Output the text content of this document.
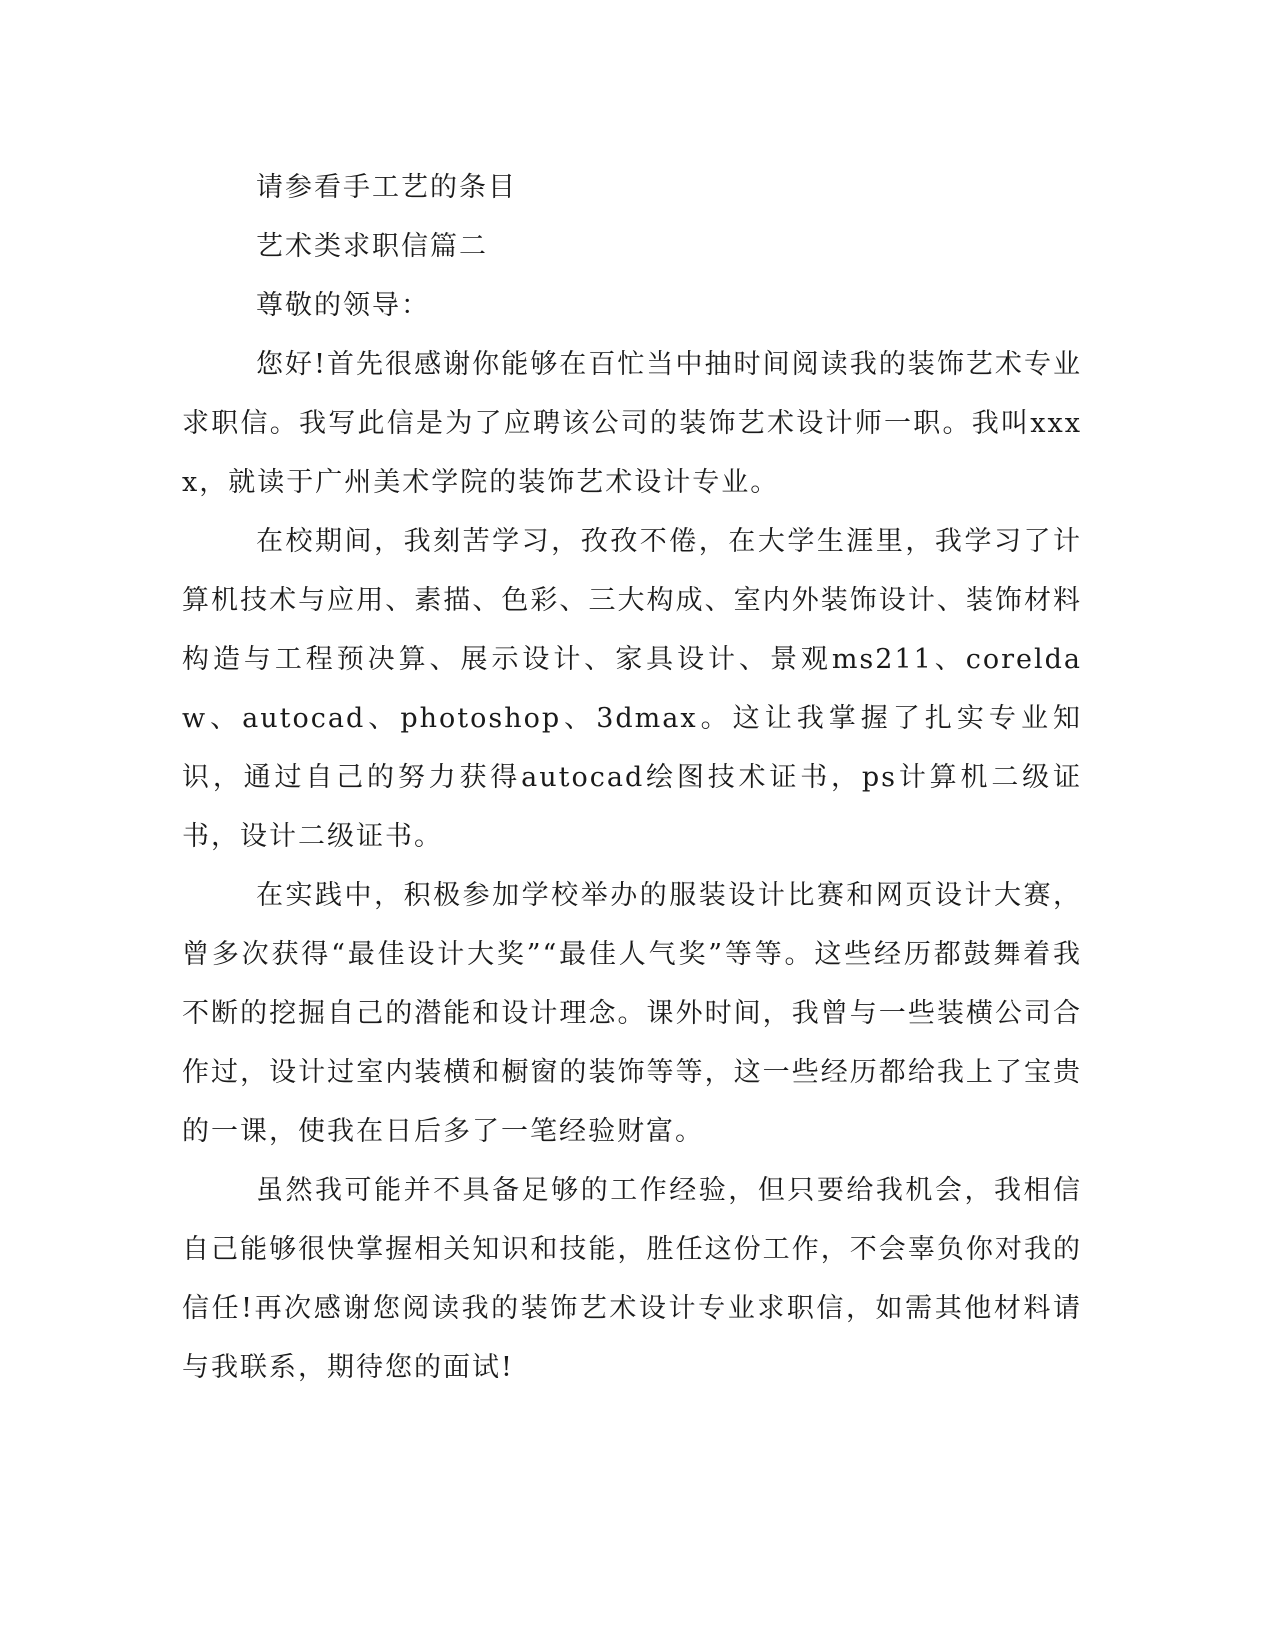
请参看手工艺的条目

艺术类求职信篇二

尊敬的领导：

您好!首先很感谢你能够在百忙当中抽时间阅读我的装饰艺术专业求职信。我写此信是为了应聘该公司的装饰艺术设计师一职。我叫xxxx，就读于广州美术学院的装饰艺术设计专业。

在校期间，我刻苦学习，孜孜不倦，在大学生涯里，我学习了计算机技术与应用、素描、色彩、三大构成、室内外装饰设计、装饰材料构造与工程预决算、展示设计、家具设计、景观ms211、coreldaw、autocad、photoshop、3dmax。这让我掌握了扎实专业知识，通过自己的努力获得autocad绘图技术证书，ps计算机二级证书，设计二级证书。

在实践中，积极参加学校举办的服装设计比赛和网页设计大赛，曾多次获得“最佳设计大奖”“最佳人气奖”等等。这些经历都鼓舞着我不断的挖掘自己的潜能和设计理念。课外时间，我曾与一些装横公司合作过，设计过室内装横和橱窗的装饰等等，这一些经历都给我上了宝贵的一课，使我在日后多了一笔经验财富。

虽然我可能并不具备足够的工作经验，但只要给我机会，我相信自己能够很快掌握相关知识和技能，胜任这份工作，不会辜负你对我的信任!再次感谢您阅读我的装饰艺术设计专业求职信，如需其他材料请与我联系，期待您的面试!
